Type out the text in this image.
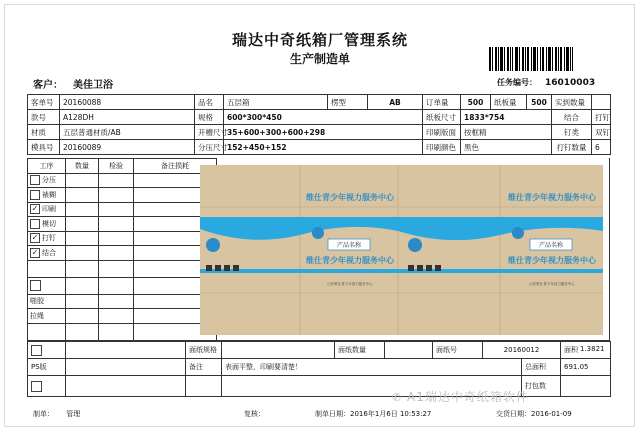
瑞达中奇纸箱厂管理系统
生产制造单
客户： 美佳卫浴	任务编号： 16010003
客单号	20160088	品名	五层箱	楞型	AB	订单量	500	纸板量	500	实到数量	
款号	A128DH	规格	600*300*450			纸板尺寸	1833*754			结合	打钉
材质	五层普通材质/AB	开槽尺寸	35+600+300+600+298			印刷版面	按框精			钉类	双钉
模具号	20160089	分压尺寸	152+450+152			印刷颜色	黑色			打钉数量	6
工序	数量	检验	备注损耗
分压			
裱糊			
✓ 印刷			
模切			
✓ 打钉			
✓ 结合			

啪胶			
拉绳			

维仕青少年视力服务中心	维仕青少年视力服务中心
维仕青少年视力服务中心	维仕青少年视力服务中心
产品名称	产品名称
山东维仕青少年视力服务中心	山东维仕青少年视力服务中心
		面纸规格		面纸数量		面纸号	20160012	面积 1.3821
PS版		备注	表面平整，印刷要清楚！	总面积	691.05
				打包数	
✆ A1瑞达中奇纸箱软件
制单： 管理	复核：	制单日期：2016年1月6日 10:53:27	交货日期：2016-01-09
